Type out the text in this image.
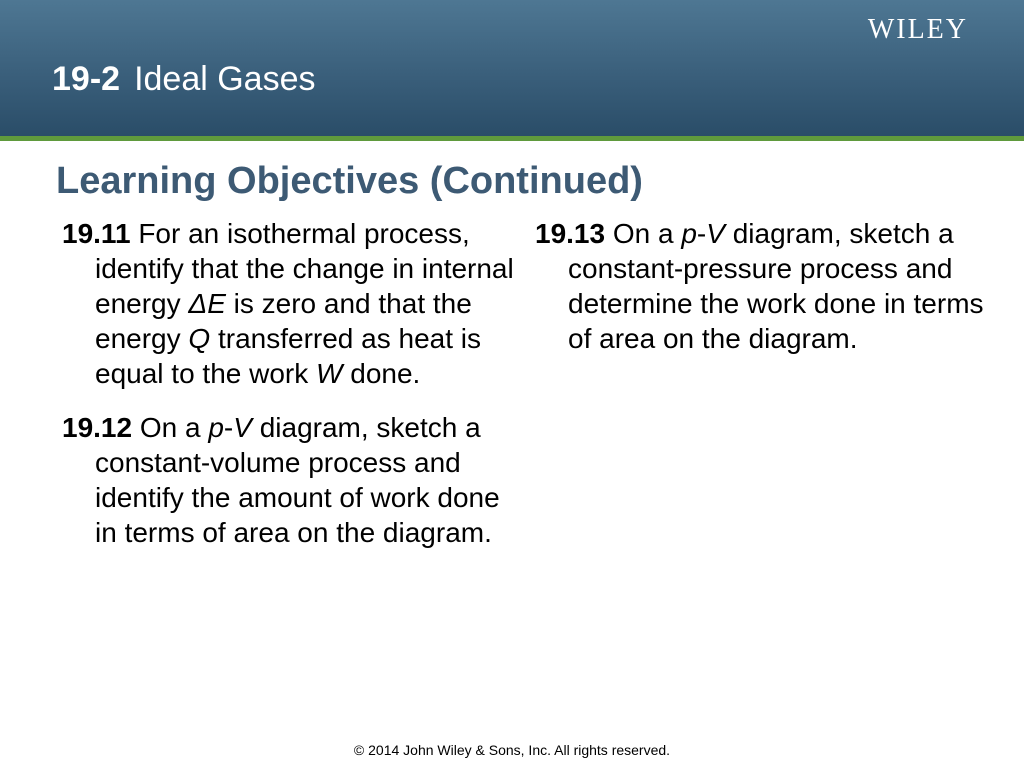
WILEY
19-2 Ideal Gases
Learning Objectives (Continued)

19.11 For an isothermal process, identify that the change in internal energy ΔE is zero and that the energy Q transferred as heat is equal to the work W done.

19.12 On a p-V diagram, sketch a constant-volume process and identify the amount of work done in terms of area on the diagram.

19.13 On a p-V diagram, sketch a constant-pressure process and determine the work done in terms of area on the diagram.

© 2014 John Wiley & Sons, Inc. All rights reserved.
